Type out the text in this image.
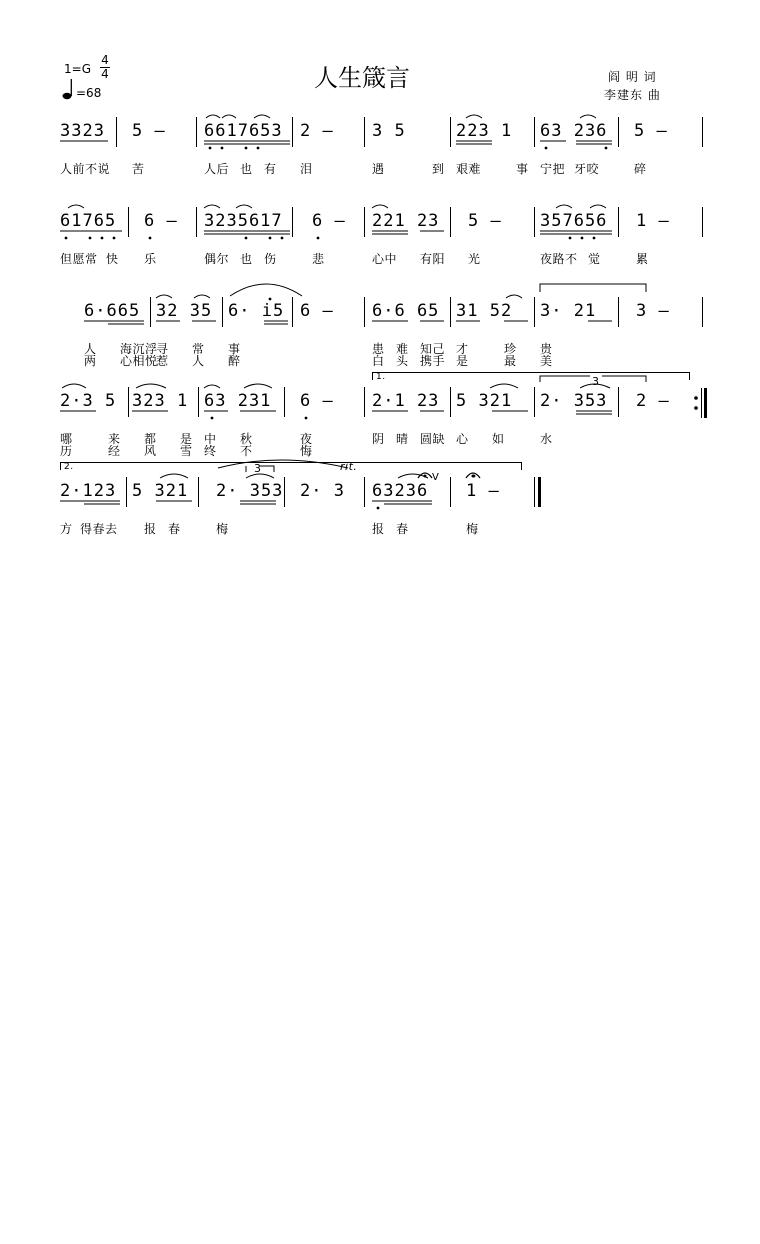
人生箴言
1=G
4
4
=68
阎 明 词
李建东 曲
3323 5 – 6617653 2 – 3 5	223 1 63 236 5 –
人前不说 苦	人后 也 有 泪	遇	到 艰难	事 宁把 牙咬	碎
61765 6 – 3235617 6 – 221 23 5 – 357656 1 –
但愿常 快 乐	偶尔 也 伤	悲	心中 有阳 光	夜路不 觉	累
6·665 32 35 6· i5 6 – 6·6 65 31 52 3· 21 3 –
人 海沉浮
寻 常 事	患 难 知己 才	珍 贵
两 心相悦
惹 人 醉	白 头 携手 是	最 美
1.
2·3 5 323 1 63 231 6 – 2·1 23 5 321 2· 353 2 –
哪	来 都 是 中 秋	夜	阴 晴 圆缺 心 如	水
历	经 风 雪 终 不	悔
2.	rit.
2·123 5 321 2· 353 2· 3 63236 1 –
方 得春去 报 春	梅	报 春	梅
3
3
V
